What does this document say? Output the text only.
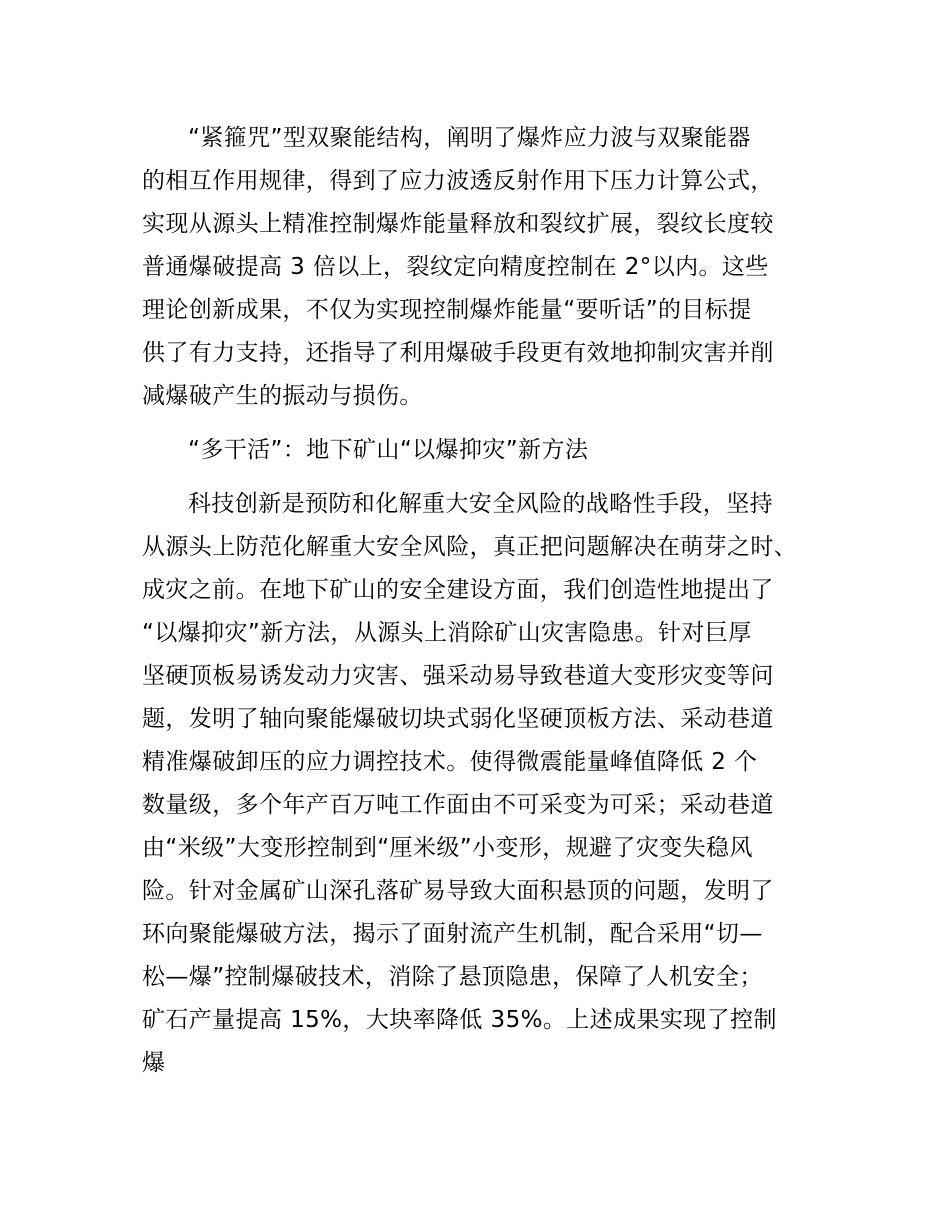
“紧箍咒”型双聚能结构，阐明了爆炸应力波与双聚能器
的相互作用规律，得到了应力波透反射作用下压力计算公式，
实现从源头上精准控制爆炸能量释放和裂纹扩展，裂纹长度较
普通爆破提高 3 倍以上，裂纹定向精度控制在 2°以内。这些
理论创新成果，不仅为实现控制爆炸能量“要听话”的目标提
供了有力支持，还指导了利用爆破手段更有效地抑制灾害并削
减爆破产生的振动与损伤。
“多干活”：地下矿山“以爆抑灾”新方法
科技创新是预防和化解重大安全风险的战略性手段，坚持
从源头上防范化解重大安全风险，真正把问题解决在萌芽之时、
成灾之前。在地下矿山的安全建设方面，我们创造性地提出了
“以爆抑灾”新方法，从源头上消除矿山灾害隐患。针对巨厚
坚硬顶板易诱发动力灾害、强采动易导致巷道大变形灾变等问
题，发明了轴向聚能爆破切块式弱化坚硬顶板方法、采动巷道
精准爆破卸压的应力调控技术。使得微震能量峰值降低 2 个
数量级，多个年产百万吨工作面由不可采变为可采；采动巷道
由“米级”大变形控制到“厘米级”小变形，规避了灾变失稳风
险。针对金属矿山深孔落矿易导致大面积悬顶的问题，发明了
环向聚能爆破方法，揭示了面射流产生机制，配合采用“切—
松—爆”控制爆破技术，消除了悬顶隐患，保障了人机安全；
矿石产量提高 15%，大块率降低 35%。上述成果实现了控制
爆
